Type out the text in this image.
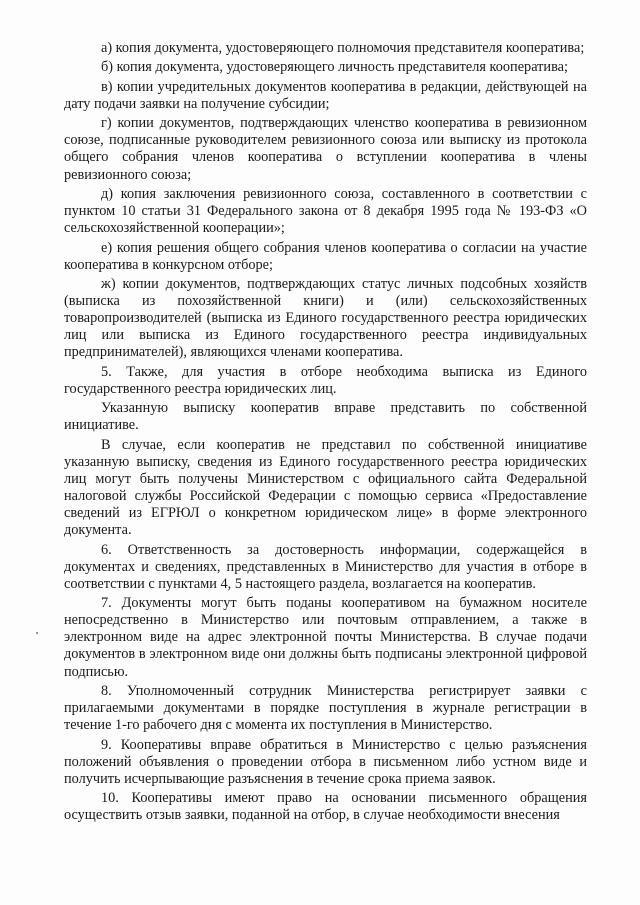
а) копия документа, удостоверяющего полномочия представителя кооператива;

б) копия документа, удостоверяющего личность представителя кооператива;

в) копии учредительных документов кооператива в редакции, действующей на дату подачи заявки на получение субсидии;

г) копии документов, подтверждающих членство кооператива в ревизионном союзе, подписанные руководителем ревизионного союза или выписку из протокола общего собрания членов кооператива о вступлении кооператива в члены ревизионного союза;

д) копия заключения ревизионного союза, составленного в соответствии с пунктом 10 статьи 31 Федерального закона от 8 декабря 1995 года № 193-ФЗ «О сельскохозяйственной кооперации»;

е) копия решения общего собрания членов кооператива о согласии на участие кооператива в конкурсном отборе;

ж) копии документов, подтверждающих статус личных подсобных хозяйств (выписка из похозяйственной книги) и (или) сельскохозяйственных товаропроизводителей (выписка из Единого государственного реестра юридических лиц или выписка из Единого государственного реестра индивидуальных предпринимателей), являющихся членами кооператива.

5. Также, для участия в отборе необходима выписка из Единого государственного реестра юридических лиц.

Указанную выписку кооператив вправе представить по собственной инициативе.

В случае, если кооператив не представил по собственной инициативе указанную выписку, сведения из Единого государственного реестра юридических лиц могут быть получены Министерством с официального сайта Федеральной налоговой службы Российской Федерации с помощью сервиса «Предоставление сведений из ЕГРЮЛ о конкретном юридическом лице» в форме электронного документа.

6. Ответственность за достоверность информации, содержащейся в документах и сведениях, представленных в Министерство для участия в отборе в соответствии с пунктами 4, 5 настоящего раздела, возлагается на кооператив.

7. Документы могут быть поданы кооперативом на бумажном носителе непосредственно в Министерство или почтовым отправлением, а также в электронном виде на адрес электронной почты Министерства. В случае подачи документов в электронном виде они должны быть подписаны электронной цифровой подписью.

8. Уполномоченный сотрудник Министерства регистрирует заявки с прилагаемыми документами в порядке поступления в журнале регистрации в течение 1-го рабочего дня с момента их поступления в Министерство.

9. Кооперативы вправе обратиться в Министерство с целью разъяснения положений объявления о проведении отбора в письменном либо устном виде и получить исчерпывающие разъяснения в течение срока приема заявок.

10. Кооперативы имеют право на основании письменного обращения осуществить отзыв заявки, поданной на отбор, в случае необходимости внесения
